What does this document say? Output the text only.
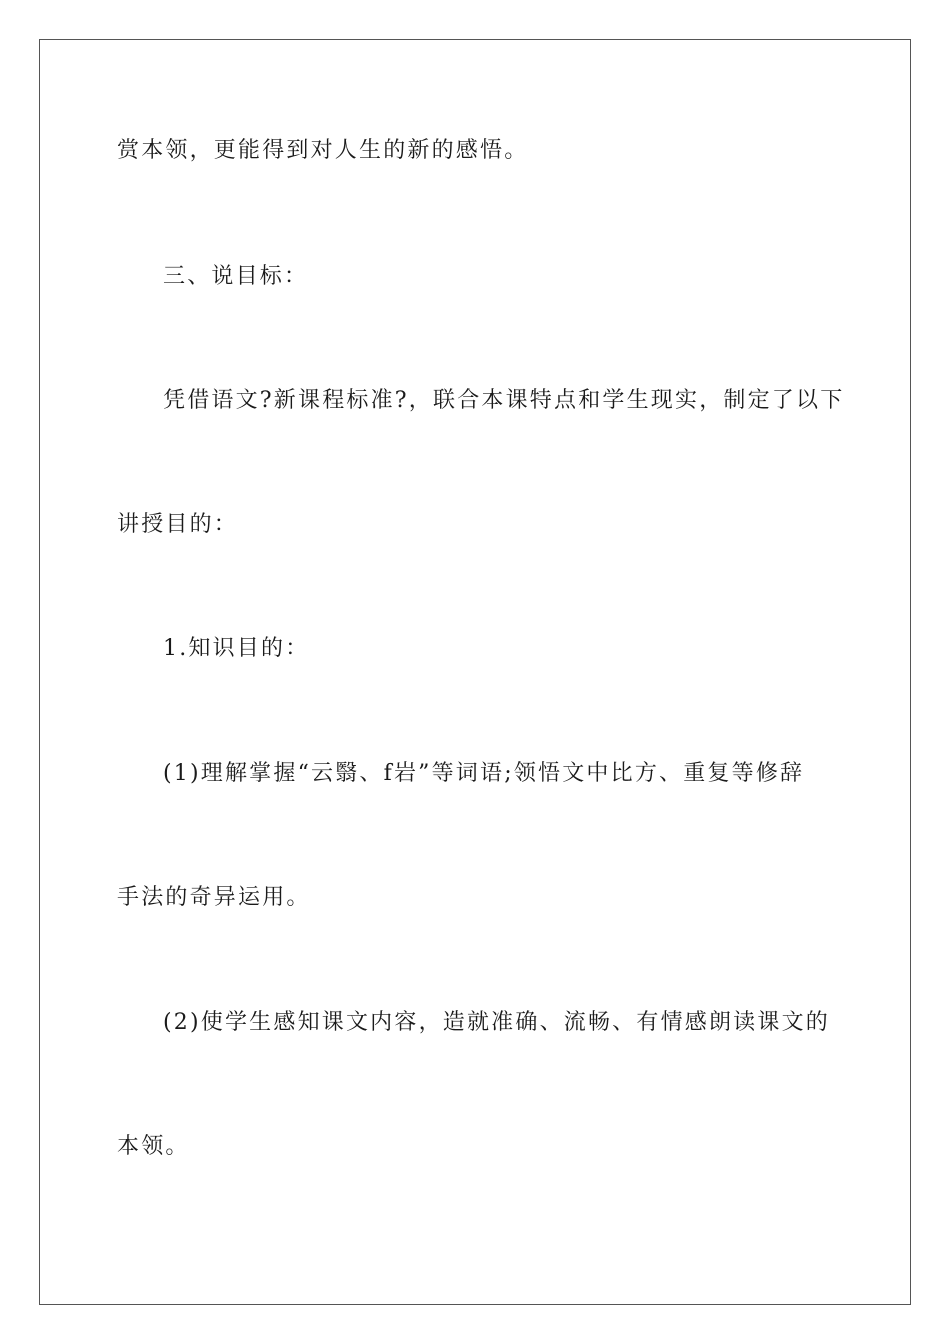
赏本领，更能得到对人生的新的感悟。
三、说目标：
凭借语文?新课程标准?，联合本课特点和学生现实，制定了以下
讲授目的：
1.知识目的：
(1)理解掌握“云翳、f岩”等词语;领悟文中比方、重复等修辞
手法的奇异运用。
(2)使学生感知课文内容，造就准确、流畅、有情感朗读课文的
本领。
